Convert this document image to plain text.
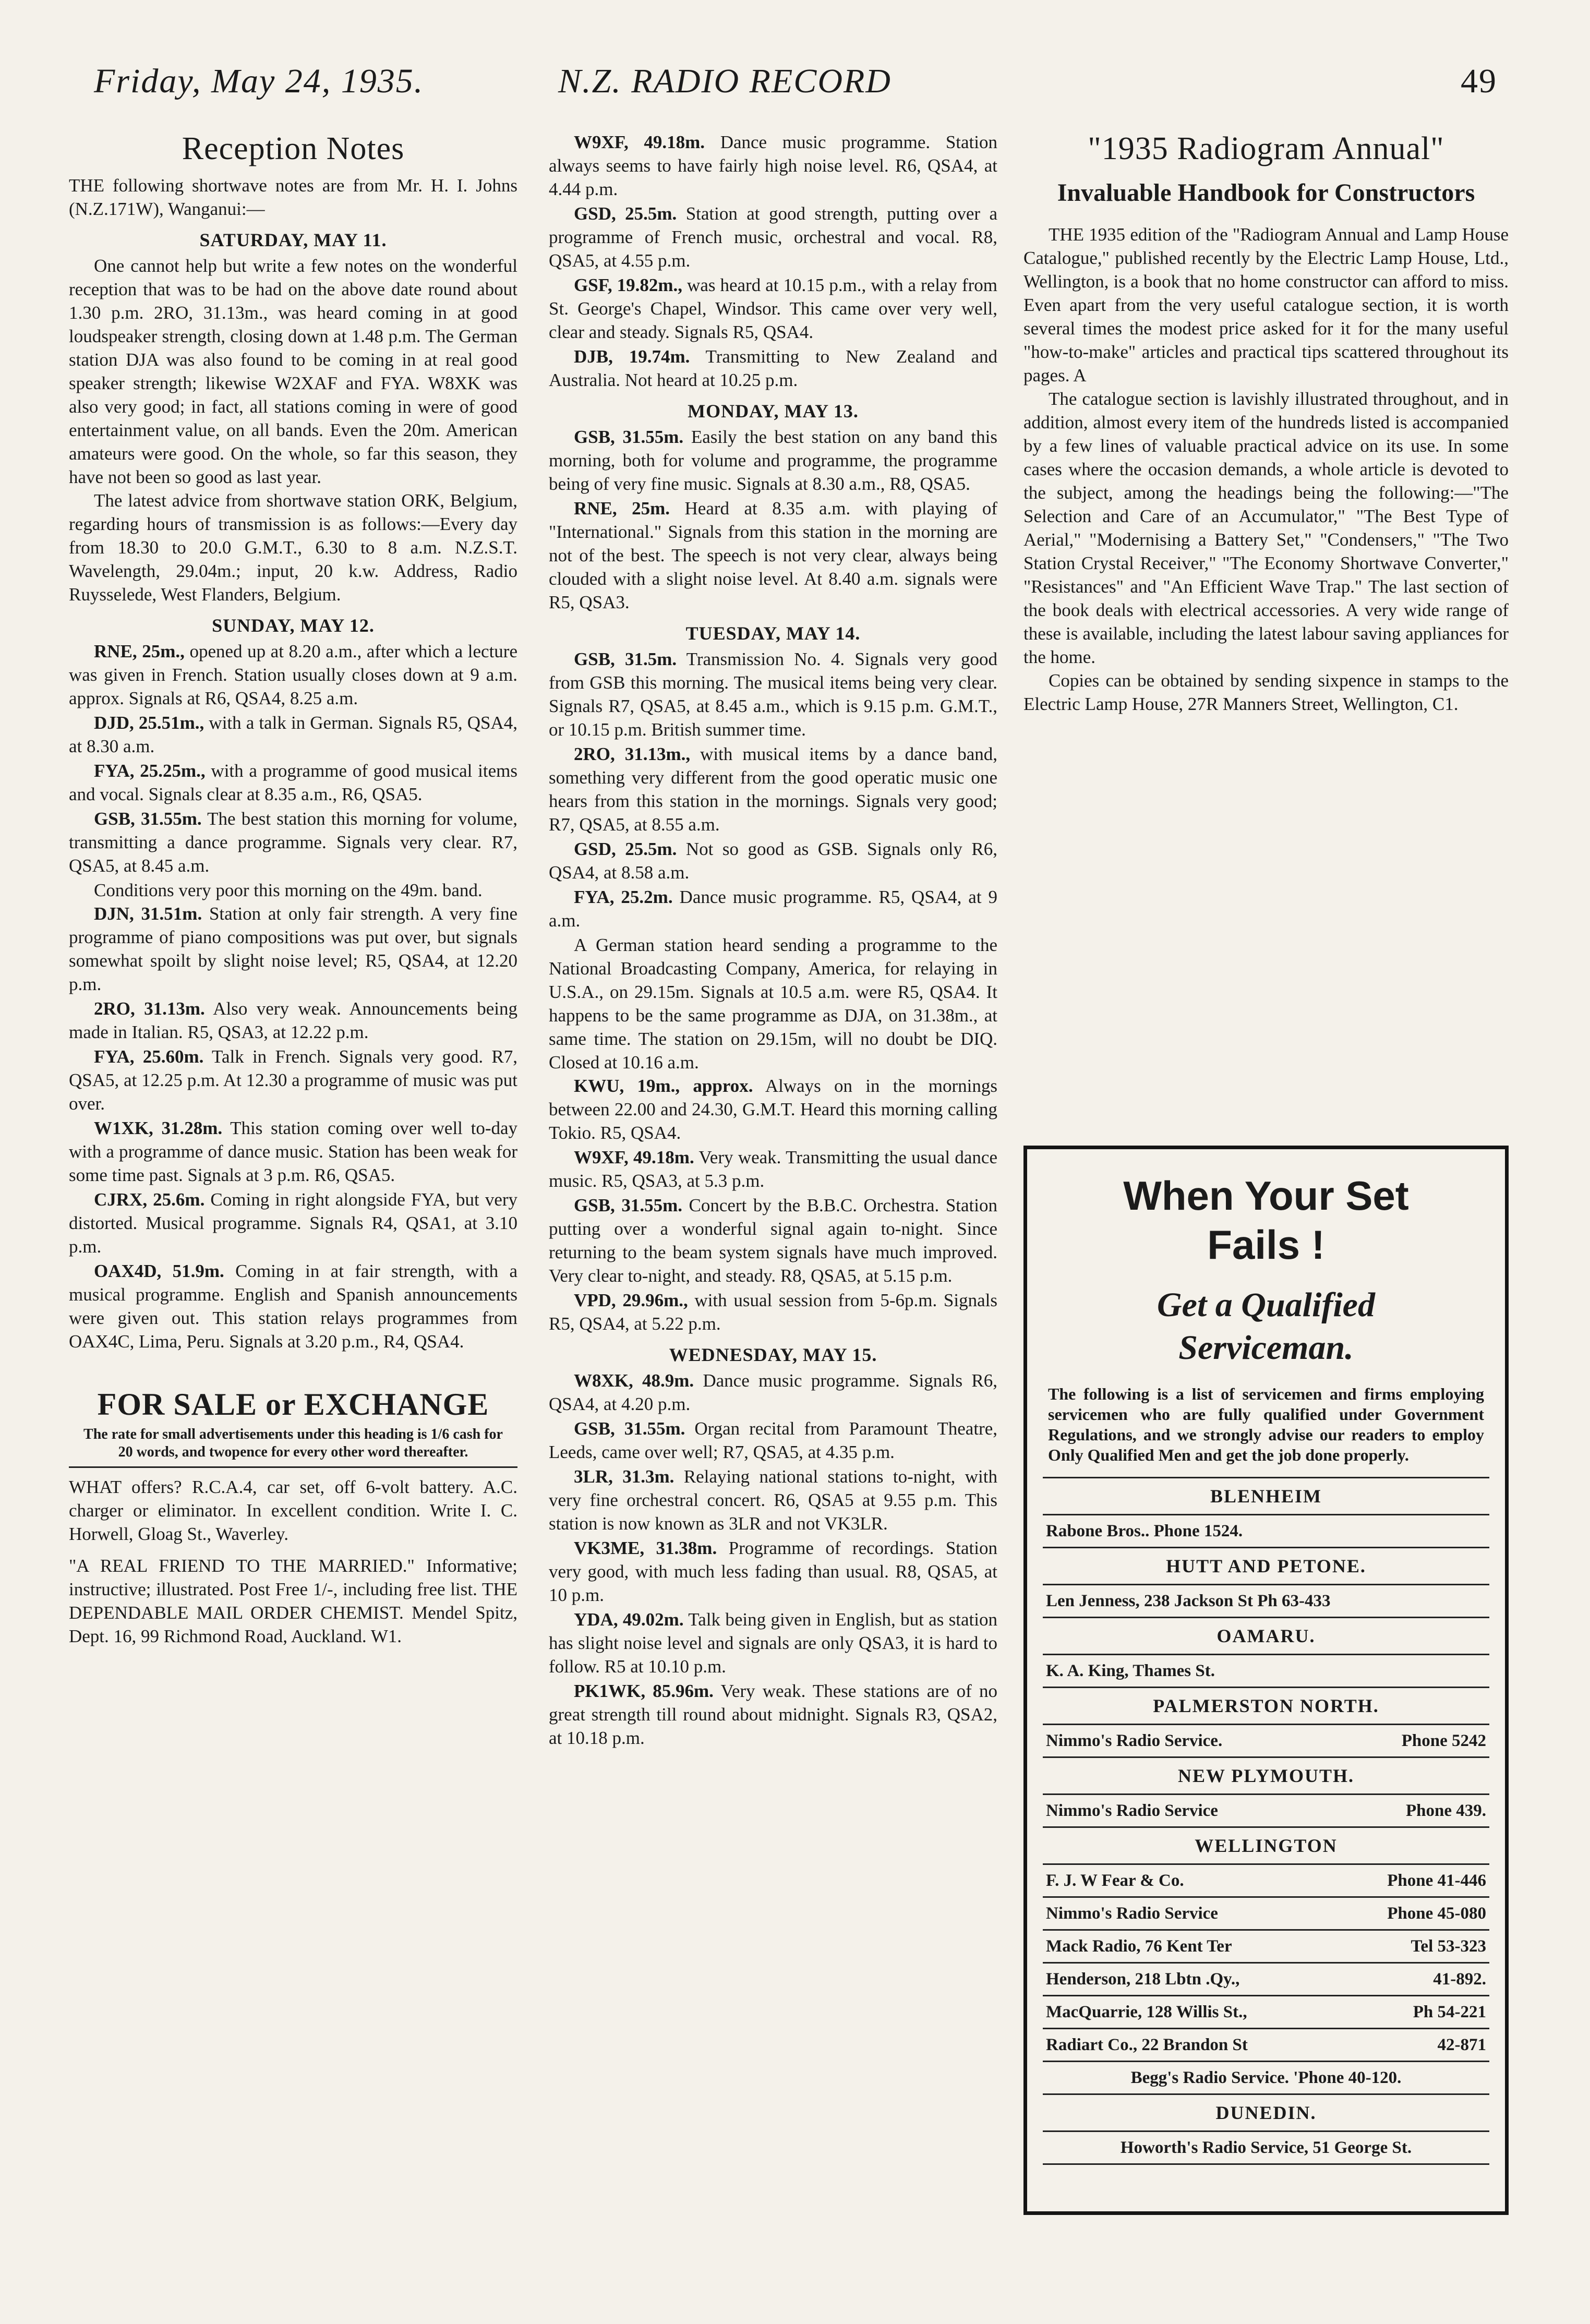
Friday, May 24, 1935.	N.Z. RADIO RECORD	49
Reception Notes

THE following shortwave notes are from Mr. H. I. Johns (N.Z.171W), Wanganui:—

SATURDAY, MAY 11.

One cannot help but write a few notes on the wonderful reception that was to be had on the above date round about 1.30 p.m. 2RO, 31.13m., was heard coming in at good loudspeaker strength, closing down at 1.48 p.m. The German station DJA was also found to be coming in at real good speaker strength; likewise W2XAF and FYA. W8XK was also very good; in fact, all stations coming in were of good entertainment value, on all bands. Even the 20m. American amateurs were good. On the whole, so far this season, they have not been so good as last year.

The latest advice from shortwave station ORK, Belgium, regarding hours of transmission is as follows:—Every day from 18.30 to 20.0 G.M.T., 6.30 to 8 a.m. N.Z.S.T. Wavelength, 29.04m.; input, 20 k.w. Address, Radio Ruysselede, West Flanders, Belgium.

SUNDAY, MAY 12.

RNE, 25m., opened up at 8.20 a.m., after which a lecture was given in French. Station usually closes down at 9 a.m. approx. Signals at R6, QSA4, 8.25 a.m.

DJD, 25.51m., with a talk in German. Signals R5, QSA4, at 8.30 a.m.

FYA, 25.25m., with a programme of good musical items and vocal. Signals clear at 8.35 a.m., R6, QSA5.

GSB, 31.55m. The best station this morning for volume, transmitting a dance programme. Signals very clear. R7, QSA5, at 8.45 a.m.

Conditions very poor this morning on the 49m. band.

DJN, 31.51m. Station at only fair strength. A very fine programme of piano compositions was put over, but signals somewhat spoilt by slight noise level; R5, QSA4, at 12.20 p.m.

2RO, 31.13m. Also very weak. Announcements being made in Italian. R5, QSA3, at 12.22 p.m.

FYA, 25.60m. Talk in French. Signals very good. R7, QSA5, at 12.25 p.m. At 12.30 a programme of music was put over.

W1XK, 31.28m. This station coming over well to-day with a programme of dance music. Station has been weak for some time past. Signals at 3 p.m. R6, QSA5.

CJRX, 25.6m. Coming in right alongside FYA, but very distorted. Musical programme. Signals R4, QSA1, at 3.10 p.m.

OAX4D, 51.9m. Coming in at fair strength, with a musical programme. English and Spanish announcements were given out. This station relays programmes from OAX4C, Lima, Peru. Signals at 3.20 p.m., R4, QSA4.

FOR SALE or EXCHANGE
The rate for small advertisements under this heading is 1/6 cash for 20 words, and twopence for every other word thereafter.

WHAT offers? R.C.A.4, car set, off 6-volt battery. A.C. charger or eliminator. In excellent condition. Write I. C. Horwell, Gloag St., Waverley.

"A REAL FRIEND TO THE MARRIED." Informative; instructive; illustrated. Post Free 1/-, including free list. THE DEPENDABLE MAIL ORDER CHEMIST. Mendel Spitz, Dept. 16, 99 Richmond Road, Auckland. W1.

W9XF, 49.18m. Dance music programme. Station always seems to have fairly high noise level. R6, QSA4, at 4.44 p.m.

GSD, 25.5m. Station at good strength, putting over a programme of French music, orchestral and vocal. R8, QSA5, at 4.55 p.m.

GSF, 19.82m., was heard at 10.15 p.m., with a relay from St. George's Chapel, Windsor. This came over very well, clear and steady. Signals R5, QSA4.

DJB, 19.74m. Transmitting to New Zealand and Australia. Not heard at 10.25 p.m.

MONDAY, MAY 13.

GSB, 31.55m. Easily the best station on any band this morning, both for volume and programme, the programme being of very fine music. Signals at 8.30 a.m., R8, QSA5.

RNE, 25m. Heard at 8.35 a.m. with playing of "International." Signals from this station in the morning are not of the best. The speech is not very clear, always being clouded with a slight noise level. At 8.40 a.m. signals were R5, QSA3.

TUESDAY, MAY 14.

GSB, 31.5m. Transmission No. 4. Signals very good from GSB this morning. The musical items being very clear. Signals R7, QSA5, at 8.45 a.m., which is 9.15 p.m. G.M.T., or 10.15 p.m. British summer time.

2RO, 31.13m., with musical items by a dance band, something very different from the good operatic music one hears from this station in the mornings. Signals very good; R7, QSA5, at 8.55 a.m.

GSD, 25.5m. Not so good as GSB. Signals only R6, QSA4, at 8.58 a.m.

FYA, 25.2m. Dance music programme. R5, QSA4, at 9 a.m.

A German station heard sending a programme to the National Broadcasting Company, America, for relaying in U.S.A., on 29.15m. Signals at 10.5 a.m. were R5, QSA4. It happens to be the same programme as DJA, on 31.38m., at same time. The station on 29.15m, will no doubt be DIQ. Closed at 10.16 a.m.

KWU, 19m., approx. Always on in the mornings between 22.00 and 24.30, G.M.T. Heard this morning calling Tokio. R5, QSA4.

W9XF, 49.18m. Very weak. Transmitting the usual dance music. R5, QSA3, at 5.3 p.m.

GSB, 31.55m. Concert by the B.B.C. Orchestra. Station putting over a wonderful signal again to-night. Since returning to the beam system signals have much improved. Very clear to-night, and steady. R8, QSA5, at 5.15 p.m.

VPD, 29.96m., with usual session from 5-6p.m. Signals R5, QSA4, at 5.22 p.m.

WEDNESDAY, MAY 15.

W8XK, 48.9m. Dance music programme. Signals R6, QSA4, at 4.20 p.m.

GSB, 31.55m. Organ recital from Paramount Theatre, Leeds, came over well; R7, QSA5, at 4.35 p.m.

3LR, 31.3m. Relaying national stations to-night, with very fine orchestral concert. R6, QSA5 at 9.55 p.m. This station is now known as 3LR and not VK3LR.

VK3ME, 31.38m. Programme of recordings. Station very good, with much less fading than usual. R8, QSA5, at 10 p.m.

YDA, 49.02m. Talk being given in English, but as station has slight noise level and signals are only QSA3, it is hard to follow. R5 at 10.10 p.m.

PK1WK, 85.96m. Very weak. These stations are of no great strength till round about midnight. Signals R3, QSA2, at 10.18 p.m.

"1935 Radiogram Annual"
Invaluable Handbook for Constructors

THE 1935 edition of the "Radiogram Annual and Lamp House Catalogue," published recently by the Electric Lamp House, Ltd., Wellington, is a book that no home constructor can afford to miss. Even apart from the very useful catalogue section, it is worth several times the modest price asked for it for the many useful "how-to-make" articles and practical tips scattered throughout its pages. A

The catalogue section is lavishly illustrated throughout, and in addition, almost every item of the hundreds listed is accompanied by a few lines of valuable practical advice on its use. In some cases where the occasion demands, a whole article is devoted to the subject, among the headings being the following:—"The Selection and Care of an Accumulator," "The Best Type of Aerial," "Modernising a Battery Set," "Condensers," "The Two Station Crystal Receiver," "The Economy Shortwave Converter," "Resistances" and "An Efficient Wave Trap." The last section of the book deals with electrical accessories. A very wide range of these is available, including the latest labour saving appliances for the home.

Copies can be obtained by sending sixpence in stamps to the Electric Lamp House, 27R Manners Street, Wellington, C1.

When Your Set
Fails !
Get a Qualified
Serviceman.
The following is a list of servicemen and firms employing servicemen who are fully qualified under Government Regulations, and we strongly advise our readers to employ Only Qualified Men and get the job done properly.
BLENHEIM
Rabone Bros.. Phone 1524.
HUTT AND PETONE.
Len Jenness, 238 Jackson St Ph 63-433
OAMARU.
K. A. King, Thames St.
PALMERSTON NORTH.
Nimmo's Radio Service.	Phone 5242
NEW PLYMOUTH.
Nimmo's Radio Service	Phone 439.
WELLINGTON
F. J. W Fear & Co.	Phone 41-446
Nimmo's Radio Service	Phone 45-080
Mack Radio, 76 Kent Ter	Tel 53-323
Henderson, 218 Lbtn .Qy.,	41-892.
MacQuarrie, 128 Willis St.,	Ph 54-221
Radiart Co., 22 Brandon St	42-871
Begg's Radio Service. 'Phone 40-120.
DUNEDIN.
Howorth's Radio Service, 51 George St.
